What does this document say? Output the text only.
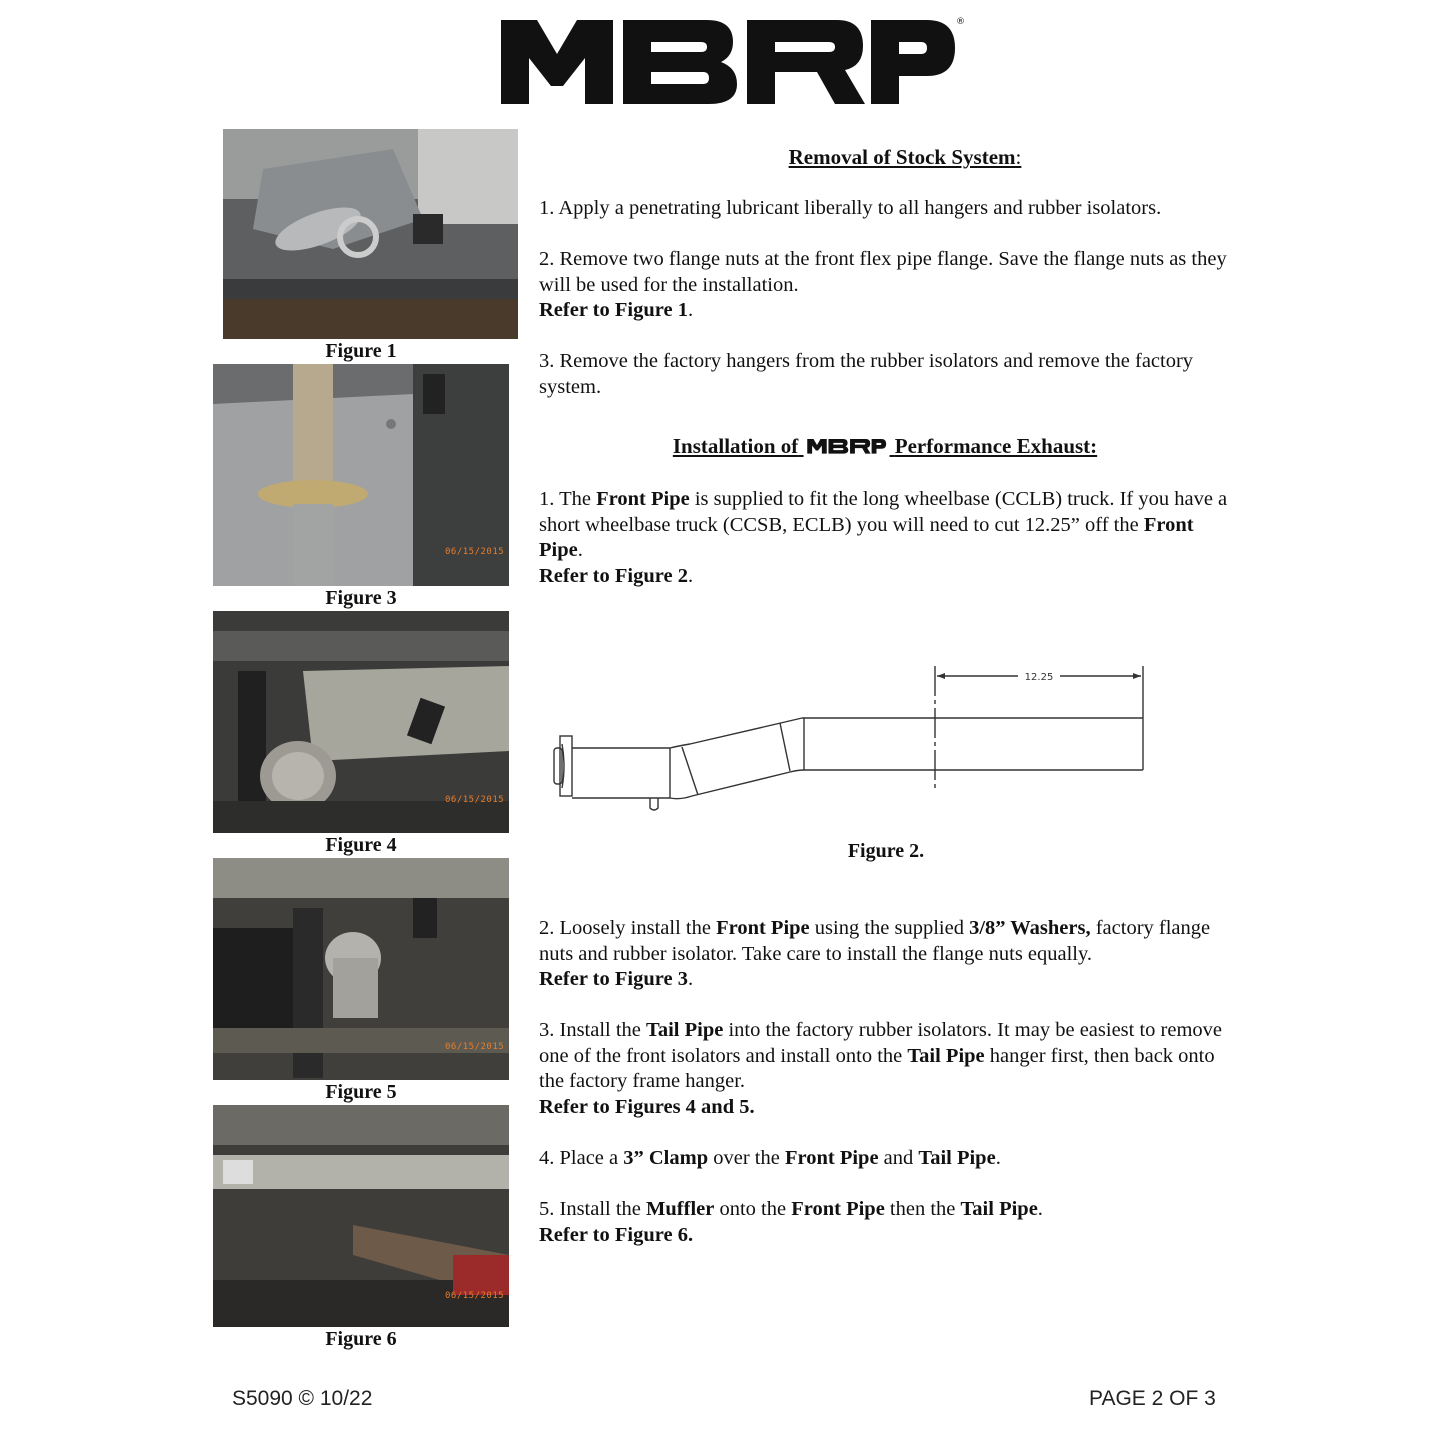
®
Figure 1
06/15/2015
Figure 3
06/15/2015
Figure 4
06/15/2015
Figure 5
06/15/2015
Figure 6
Removal of Stock System:
1. Apply a penetrating lubricant liberally to all hangers and rubber isolators.
2. Remove two flange nuts at the front flex pipe flange. Save the flange nuts as they will be used for the installation.
Refer to Figure 1.
3. Remove the factory hangers from the rubber isolators and remove the factory system.
Installation of	Performance Exhaust:
1. The Front Pipe is supplied to fit the long wheelbase (CCLB) truck. If you have a short wheelbase truck (CCSB, ECLB) you will need to cut 12.25” off the Front Pipe.
Refer to Figure 2.
12.25
Figure 2.
2. Loosely install the Front Pipe using the supplied 3/8” Washers, factory flange nuts and rubber isolator. Take care to install the flange nuts equally.
Refer to Figure 3.
3. Install the Tail Pipe into the factory rubber isolators. It may be easiest to remove one of the front isolators and install onto the Tail Pipe hanger first, then back onto the factory frame hanger.
Refer to Figures 4 and 5.
4. Place a 3” Clamp over the Front Pipe and Tail Pipe.
5. Install the Muffler onto the Front Pipe then the Tail Pipe.
Refer to Figure 6.
S5090 © 10/22	PAGE 2 OF 3
